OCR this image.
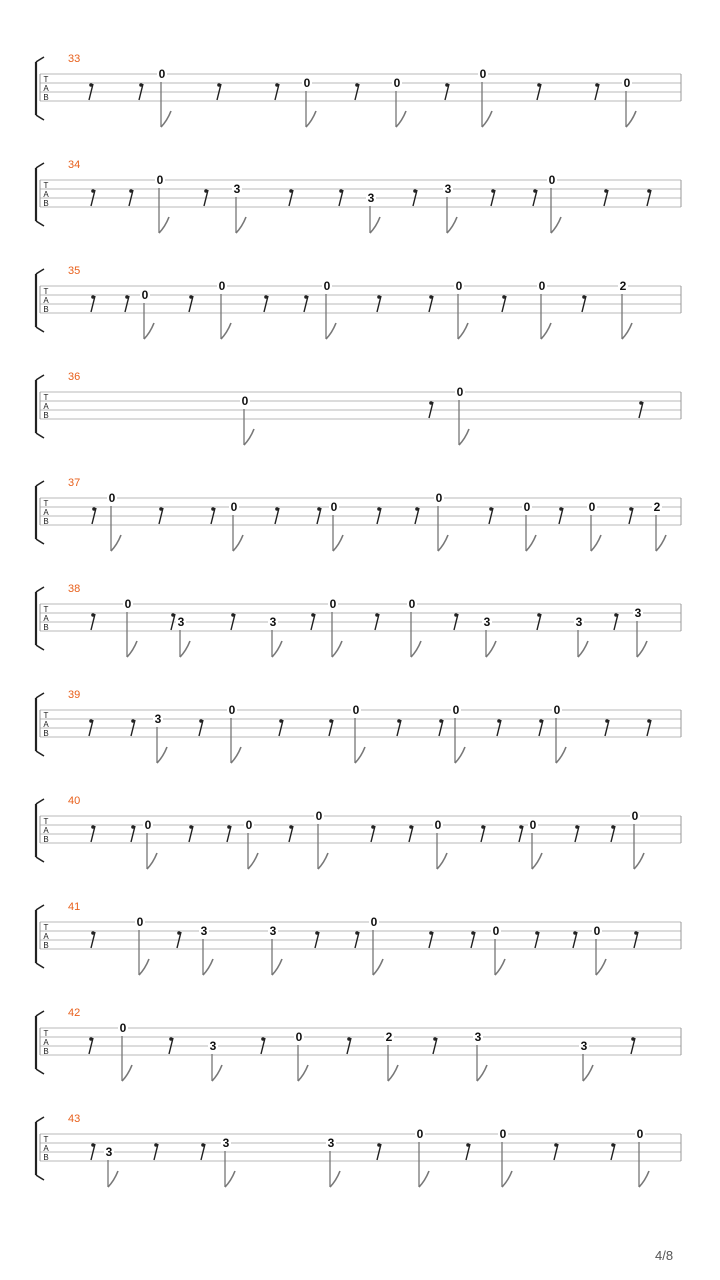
T
A
B
33
0
0	0
0
0
T
A
B
34
0
3
3
3
0
T
A
B
35
0
0	0	0	0	2
T
A
B
36
0
0
T
A
B
37
0
0	0
0
0	0	2
T
A
B
38
0
3	3
0	0
3	3
3
T
A
B
39
3
0	0	0	0
T
A
B
40
0	0
0
0	0
0
T
A
B
41
0
3	3
0
0	0
T
A
B
42
0
3
0	2	3
3
T
A
B
43
3
3	3
0	0	0
4/8
